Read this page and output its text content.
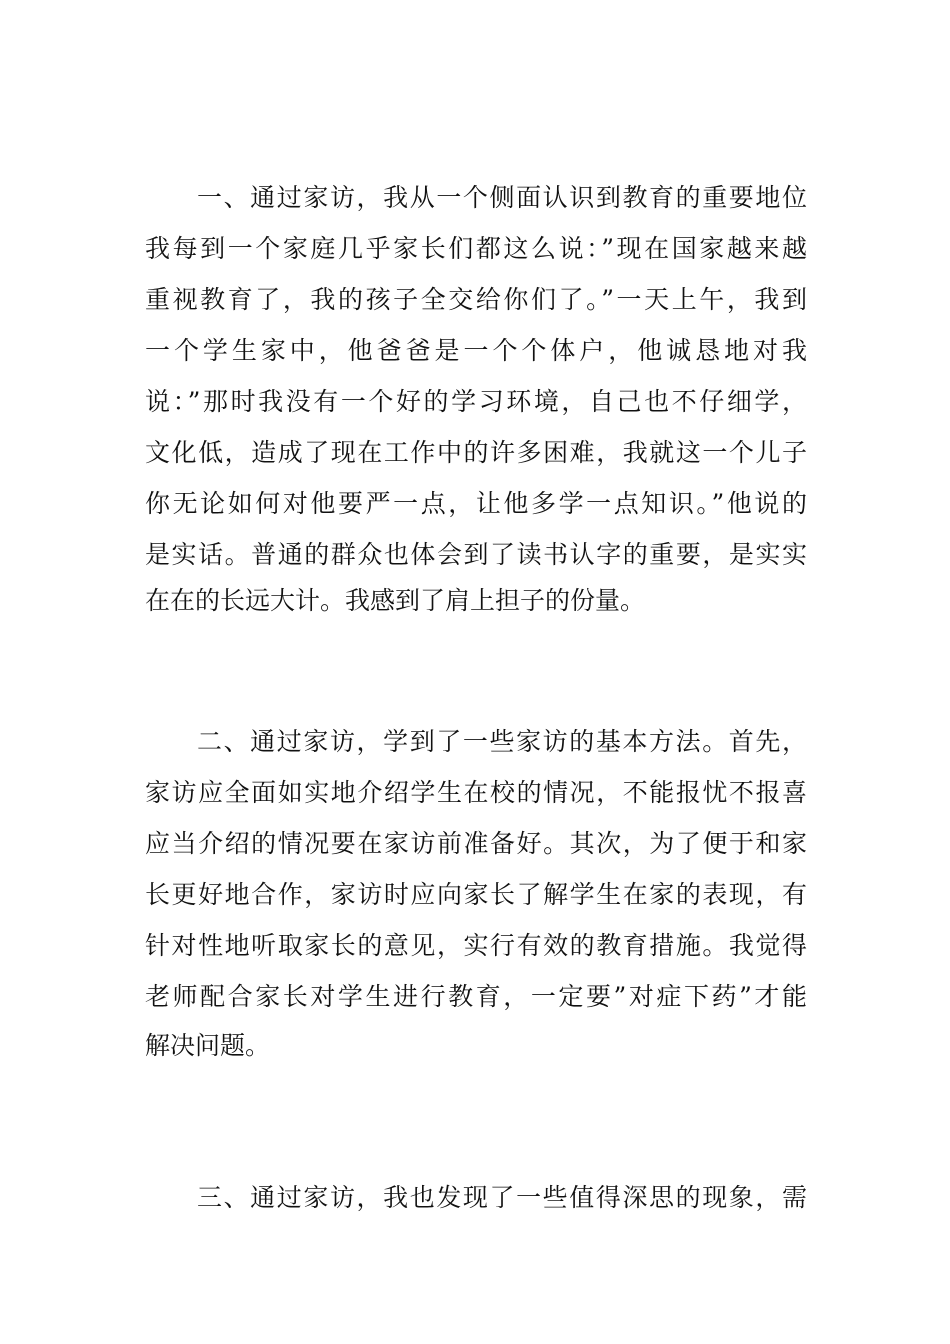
一、通过家访，我从一个侧面认识到教育的重要地位
我每到一个家庭几乎家长们都这么说：”现在国家越来越
重视教育了，我的孩子全交给你们了。”一天上午，我到
一个学生家中，他爸爸是一个个体户，他诚恳地对我
说：”那时我没有一个好的学习环境，自己也不仔细学，
文化低，造成了现在工作中的许多困难，我就这一个儿子
你无论如何对他要严一点，让他多学一点知识。”他说的
是实话。普通的群众也体会到了读书认字的重要，是实实
在在的长远大计。我感到了肩上担子的份量。
二、通过家访，学到了一些家访的基本方法。首先，
家访应全面如实地介绍学生在校的情况，不能报忧不报喜
应当介绍的情况要在家访前准备好。其次，为了便于和家
长更好地合作，家访时应向家长了解学生在家的表现，有
针对性地听取家长的意见，实行有效的教育措施。我觉得
老师配合家长对学生进行教育，一定要”对症下药”才能
解决问题。
三、通过家访，我也发现了一些值得深思的现象，需
